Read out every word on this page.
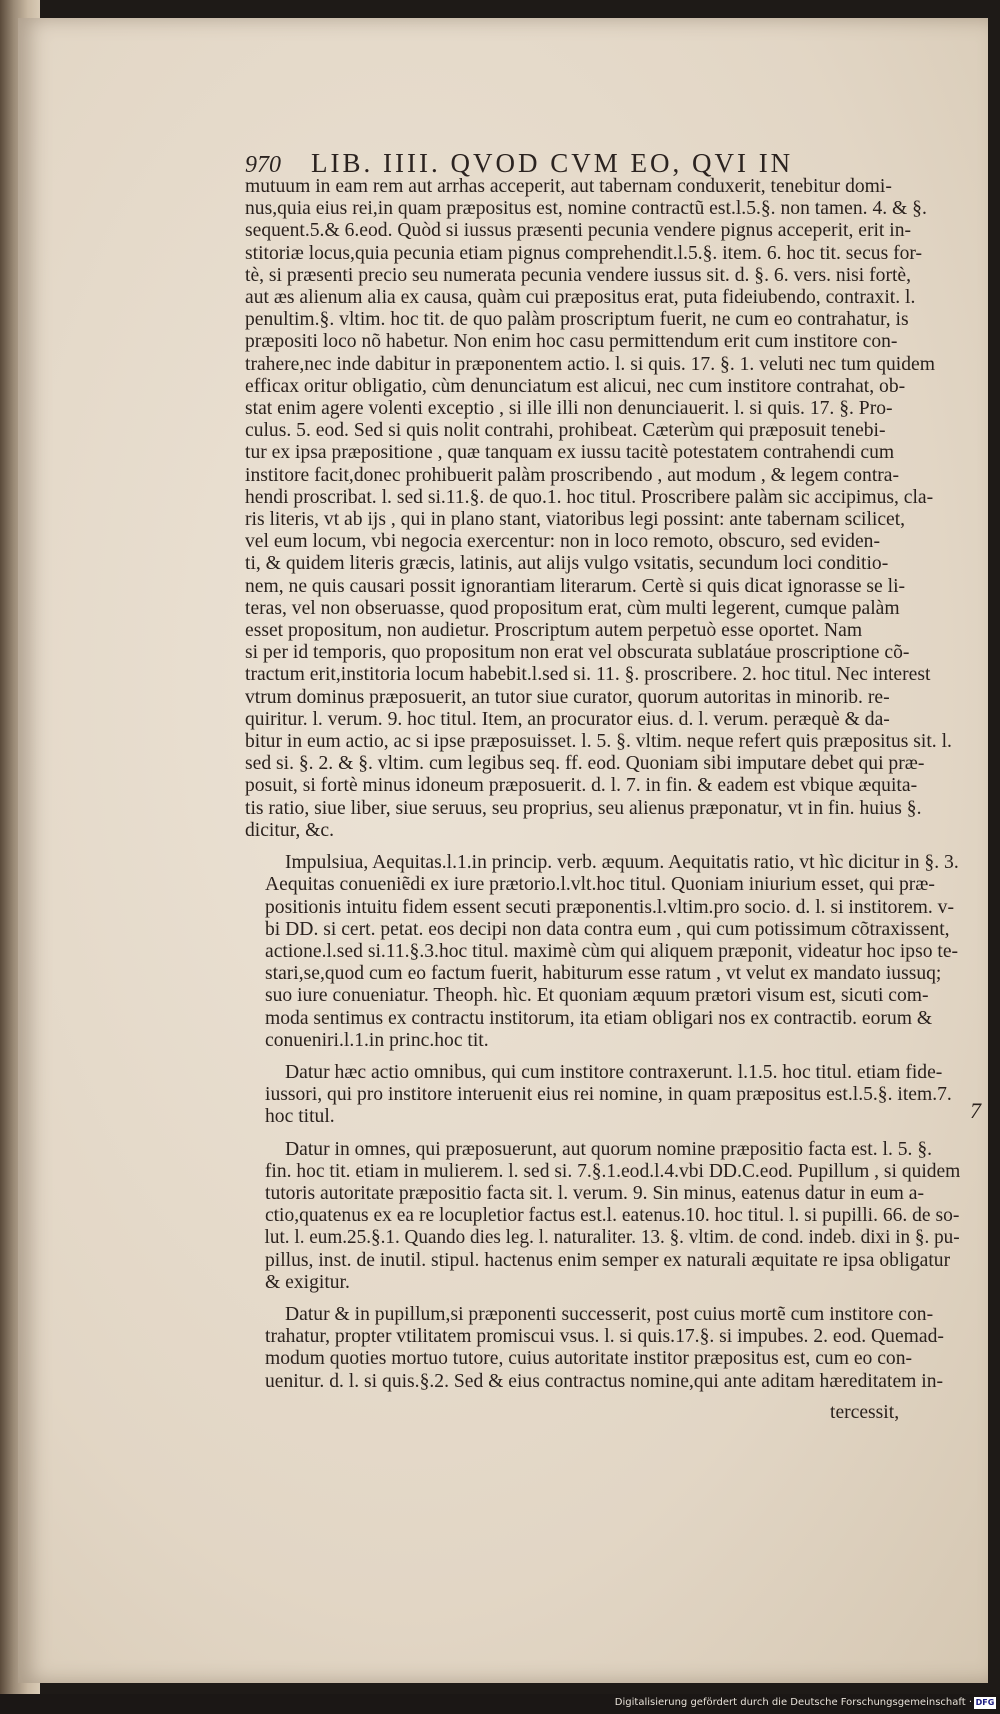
970 LIB. IIII. QVOD CVM EO, QVI IN
mutuum in eam rem aut arrhas acceperit, aut tabernam conduxerit, tenebitur domi-
nus,quia eius rei,in quam præpositus est, nomine contractũ est.l.5.§. non tamen. 4. & §.
sequent.5.& 6.eod. Quòd si iussus præsenti pecunia vendere pignus acceperit, erit in-
stitoriæ locus,quia pecunia etiam pignus comprehendit.l.5.§. item. 6. hoc tit. secus for-
tè, si præsenti precio seu numerata pecunia vendere iussus sit. d. §. 6. vers. nisi fortè,
aut æs alienum alia ex causa, quàm cui præpositus erat, puta fideiubendo, contraxit. l.
penultim.§. vltim. hoc tit. de quo palàm proscriptum fuerit, ne cum eo contrahatur, is
præpositi loco nõ habetur. Non enim hoc casu permittendum erit cum institore con-
trahere,nec inde dabitur in præponentem actio. l. si quis. 17. §. 1. veluti nec tum quidem
efficax oritur obligatio, cùm denunciatum est alicui, nec cum institore contrahat, ob-
stat enim agere volenti exceptio , si ille illi non denunciauerit. l. si quis. 17. §. Pro-
culus. 5. eod. Sed si quis nolit contrahi, prohibeat. Cæterùm qui præposuit tenebi-
tur ex ipsa præpositione , quæ tanquam ex iussu tacitè potestatem contrahendi cum
institore facit,donec prohibuerit palàm proscribendo , aut modum , & legem contra-
hendi proscribat. l. sed si.11.§. de quo.1. hoc titul. Proscribere palàm sic accipimus, cla-
ris literis, vt ab ijs , qui in plano stant, viatoribus legi possint: ante tabernam scilicet,
vel eum locum, vbi negocia exercentur: non in loco remoto, obscuro, sed eviden-
ti, & quidem literis græcis, latinis, aut alijs vulgo vsitatis, secundum loci conditio-
nem, ne quis causari possit ignorantiam literarum. Certè si quis dicat ignorasse se li-
teras, vel non obseruasse, quod propositum erat, cùm multi legerent, cumque palàm
esset propositum, non audietur. Proscriptum autem perpetuò esse oportet. Nam
si per id temporis, quo propositum non erat vel obscurata sublatáue proscriptione cõ-
tractum erit,institoria locum habebit.l.sed si. 11. §. proscribere. 2. hoc titul. Nec interest
vtrum dominus præposuerit, an tutor siue curator, quorum autoritas in minorib. re-
quiritur. l. verum. 9. hoc titul. Item, an procurator eius. d. l. verum. peræquè & da-
bitur in eum actio, ac si ipse præposuisset. l. 5. §. vltim. neque refert quis præpositus sit. l.
sed si. §. 2. & §. vltim. cum legibus seq. ff. eod. Quoniam sibi imputare debet qui præ-
posuit, si fortè minus idoneum præposuerit. d. l. 7. in fin. & eadem est vbique æquita-
tis ratio, siue liber, siue seruus, seu proprius, seu alienus præponatur, vt in fin. huius §.
dicitur, &c.
Impulsiua, Aequitas.l.1.in princip. verb. æquum. Aequitatis ratio, vt hìc dicitur in §. 3.
Aequitas conueniẽdi ex iure prætorio.l.vlt.hoc titul. Quoniam iniurium esset, qui præ-
positionis intuitu fidem essent secuti præponentis.l.vltim.pro socio. d. l. si institorem. v-
bi DD. si cert. petat. eos decipi non data contra eum , qui cum potissimum cõtraxissent,
actione.l.sed si.11.§.3.hoc titul. maximè cùm qui aliquem præponit, videatur hoc ipso te-
stari,se,quod cum eo factum fuerit, habiturum esse ratum , vt velut ex mandato iussuq;
suo iure conueniatur. Theoph. hìc. Et quoniam æquum prætori visum est, sicuti com-
moda sentimus ex contractu institorum, ita etiam obligari nos ex contractib. eorum &
conueniri.l.1.in princ.hoc tit.
Datur hæc actio omnibus, qui cum institore contraxerunt. l.1.5. hoc titul. etiam fide-
iussori, qui pro institore interuenit eius rei nomine, in quam præpositus est.l.5.§. item.7.
hoc titul.
Datur in omnes, qui præposuerunt, aut quorum nomine præpositio facta est. l. 5. §.
fin. hoc tit. etiam in mulierem. l. sed si. 7.§.1.eod.l.4.vbi DD.C.eod. Pupillum , si quidem
tutoris autoritate præpositio facta sit. l. verum. 9. Sin minus, eatenus datur in eum a-
ctio,quatenus ex ea re locupletior factus est.l. eatenus.10. hoc titul. l. si pupilli. 66. de so-
lut. l. eum.25.§.1. Quando dies leg. l. naturaliter. 13. §. vltim. de cond. indeb. dixi in §. pu-
pillus, inst. de inutil. stipul. hactenus enim semper ex naturali æquitate re ipsa obligatur
& exigitur.
Datur & in pupillum,si præponenti successerit, post cuius mortẽ cum institore con-
trahatur, propter vtilitatem promiscui vsus. l. si quis.17.§. si impubes. 2. eod. Quemad-
modum quoties mortuo tutore, cuius autoritate institor præpositus est, cum eo con-
uenitur. d. l. si quis.§.2. Sed & eius contractus nomine,qui ante aditam hæreditatem in-
7
tercessit,
Digitalisierung gefördert durch die Deutsche Forschungsgemeinschaft · DFG
